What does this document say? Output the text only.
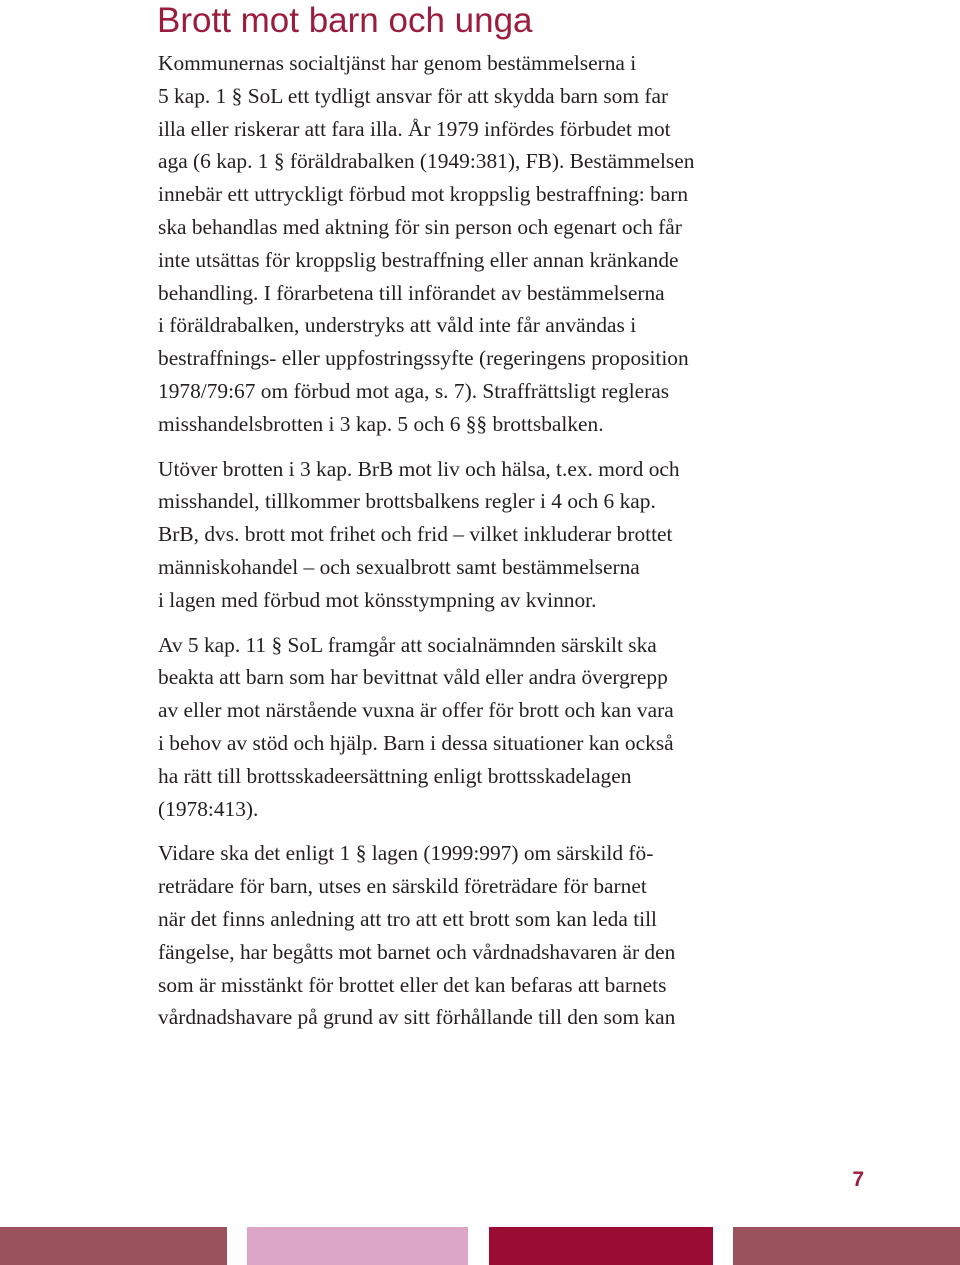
Brott mot barn och unga

Kommunernas socialtjänst har genom bestämmelserna i
5 kap. 1 § SoL ett tydligt ansvar för att skydda barn som far
illa eller riskerar att fara illa. År 1979 infördes förbudet mot
aga (6 kap. 1 § föräldrabalken (1949:381), FB). Bestämmelsen
innebär ett uttryckligt förbud mot kroppslig bestraffning: barn
ska behandlas med aktning för sin person och egenart och får
inte utsättas för kroppslig bestraffning eller annan kränkande
behandling. I förarbetena till införandet av bestämmelserna
i föräldrabalken, understryks att våld inte får användas i
bestraffnings- eller uppfostringssyfte (regeringens proposition
1978/79:67 om förbud mot aga, s. 7). Straffrättsligt regleras
misshandelsbrotten i 3 kap. 5 och 6 §§ brottsbalken.

Utöver brotten i 3 kap. BrB mot liv och hälsa, t.ex. mord och
misshandel, tillkommer brottsbalkens regler i 4 och 6 kap.
BrB, dvs. brott mot frihet och frid – vilket inkluderar brottet
människohandel – och sexualbrott samt bestämmelserna
i lagen med förbud mot könsstympning av kvinnor.

Av 5 kap. 11 § SoL framgår att socialnämnden särskilt ska
beakta att barn som har bevittnat våld eller andra övergrepp
av eller mot närstående vuxna är offer för brott och kan vara
i behov av stöd och hjälp. Barn i dessa situationer kan också
ha rätt till brottsskadeersättning enligt brottsskadelagen
(1978:413).

Vidare ska det enligt 1 § lagen (1999:997) om särskild fö-
reträdare för barn, utses en särskild företrädare för barnet
när det finns anledning att tro att ett brott som kan leda till
fängelse, har begåtts mot barnet och vårdnadshavaren är den
som är misstänkt för brottet eller det kan befaras att barnets
vårdnadshavare på grund av sitt förhållande till den som kan

7
